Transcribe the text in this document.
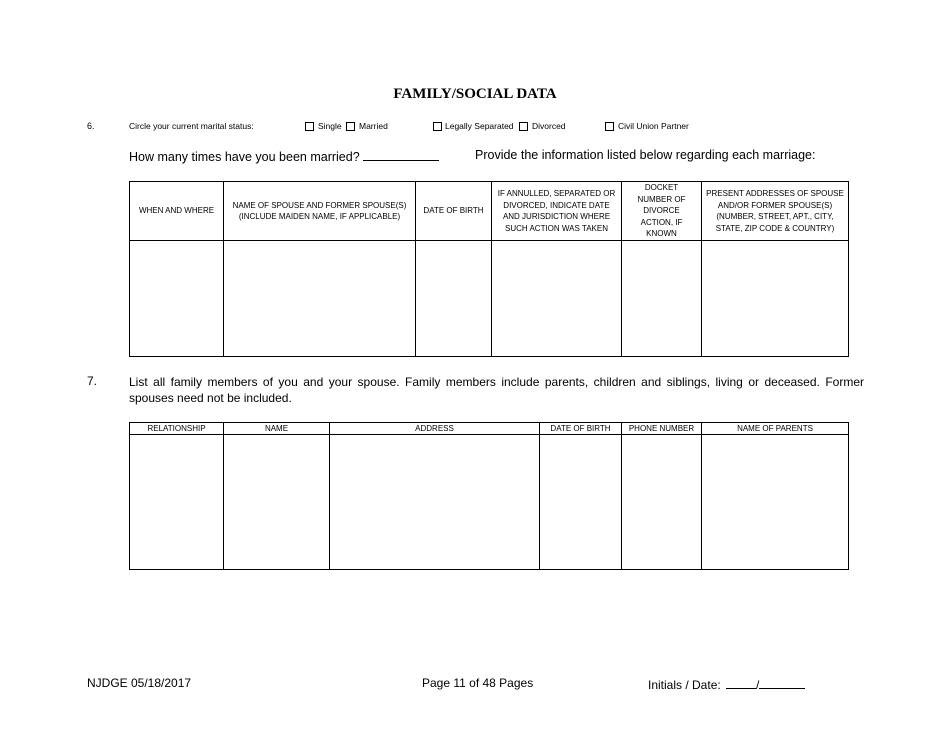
FAMILY/SOCIAL DATA
6.	Circle your current marital status:	Single Married	Legally Separated Divorced	Civil Union Partner
How many times have you been married?	Provide the information listed below regarding each marriage:
WHEN AND WHERE	NAME OF SPOUSE AND FORMER SPOUSE(S) (INCLUDE MAIDEN NAME, IF APPLICABLE)	DATE OF BIRTH	IF ANNULLED, SEPARATED OR DIVORCED, INDICATE DATE AND JURISDICTION WHERE SUCH ACTION WAS TAKEN	DOCKET NUMBER OF DIVORCE ACTION, IF KNOWN	PRESENT ADDRESSES OF SPOUSE AND/OR FORMER SPOUSE(S) (NUMBER, STREET, APT., CITY, STATE, ZIP CODE & COUNTRY)

7.	List all family members of you and your spouse. Family members include parents, children and siblings, living or deceased. Former spouses need not be included.
RELATIONSHIP	NAME	ADDRESS	DATE OF BIRTH	PHONE NUMBER	NAME OF PARENTS

NJDGE 05/18/2017	Page 11 of 48 Pages	Initials / Date:	/
